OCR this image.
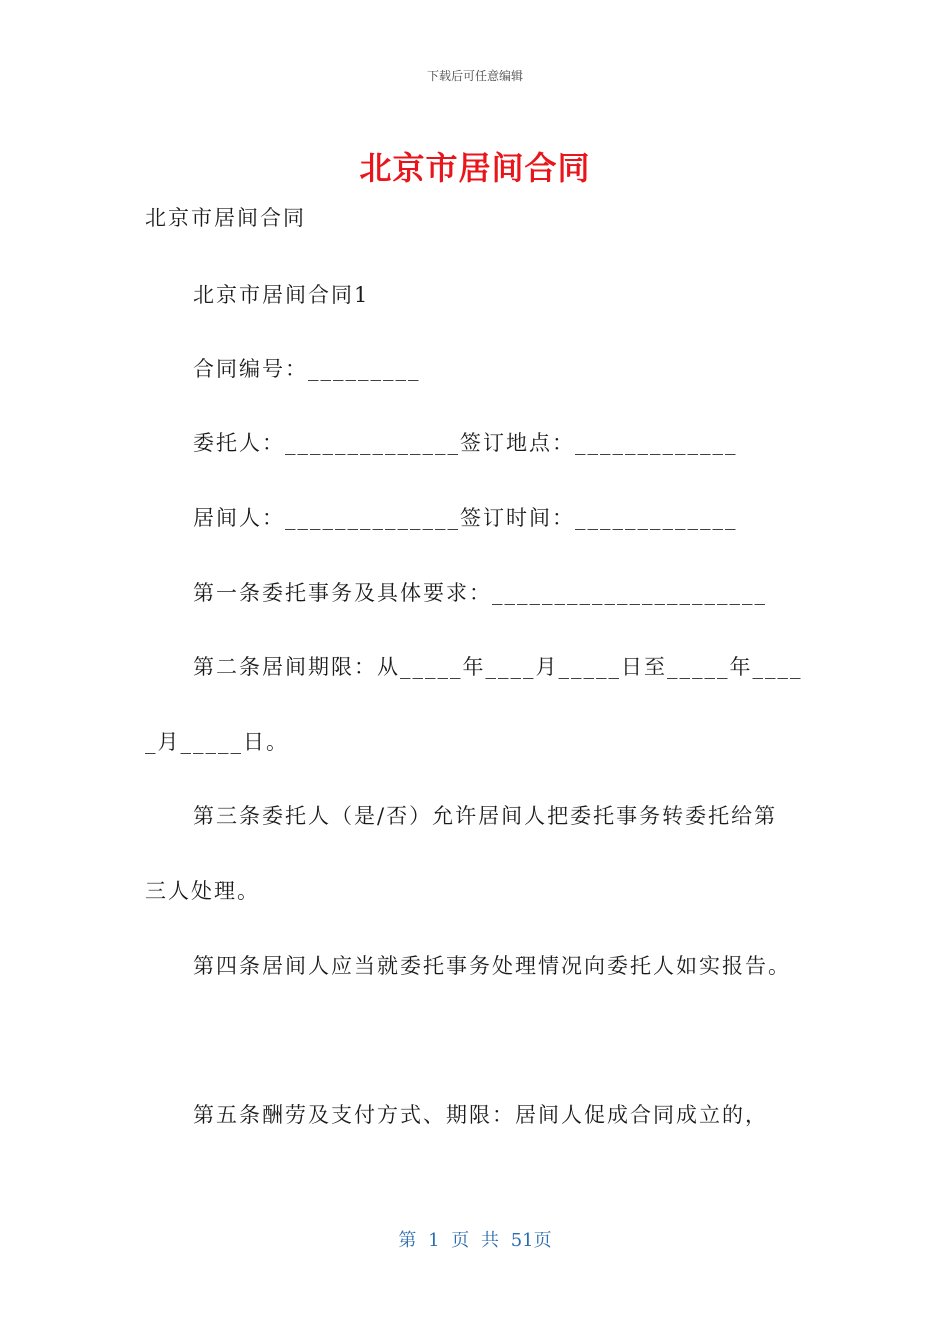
下载后可任意编辑
北京市居间合同
北京市居间合同
北京市居间合同1
合同编号：_________
委托人：______________签订地点：_____________
居间人：______________签订时间：_____________
第一条委托事务及具体要求：______________________
第二条居间期限：从_____年____月_____日至_____年____
_月_____日。
第三条委托人（是/否）允许居间人把委托事务转委托给第
三人处理。
第四条居间人应当就委托事务处理情况向委托人如实报告。
第五条酬劳及支付方式、期限：居间人促成合同成立的，
第 1 页 共 51页
